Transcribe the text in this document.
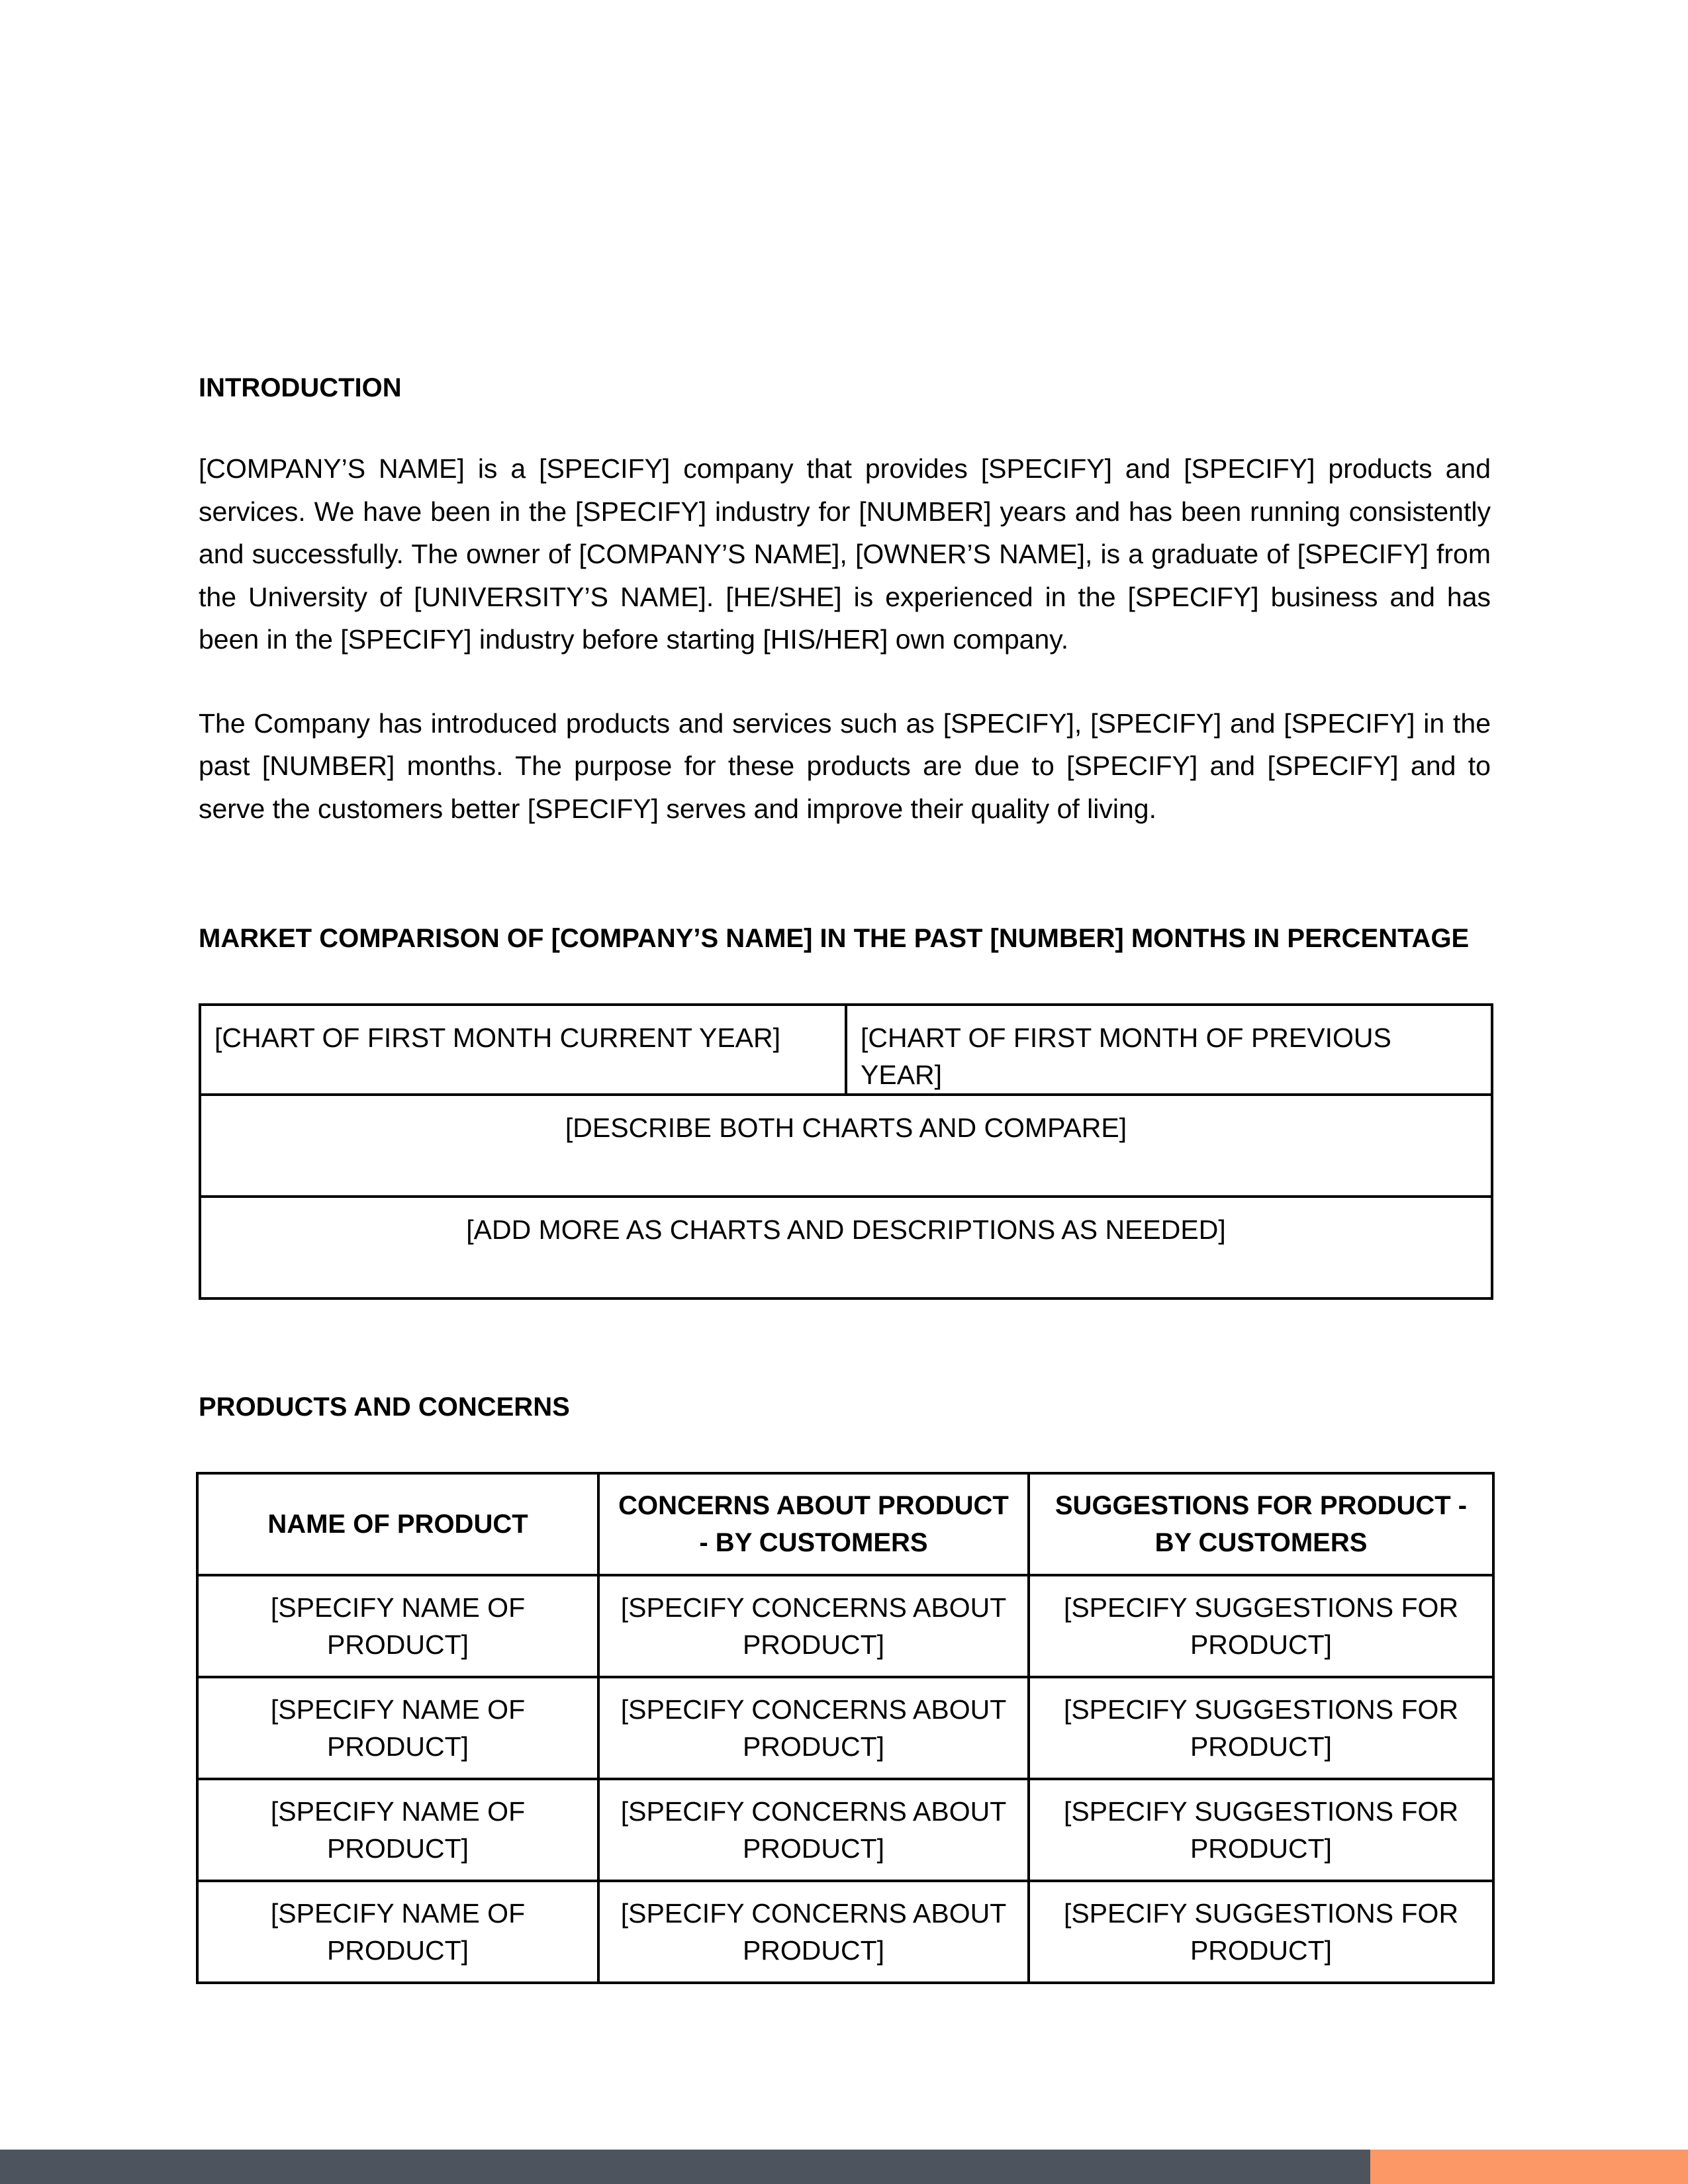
INTRODUCTION

[COMPANY’S NAME] is a [SPECIFY] company that provides [SPECIFY] and [SPECIFY] products and services. We have been in the [SPECIFY] industry for [NUMBER] years and has been running consistently and successfully. The owner of [COMPANY’S NAME], [OWNER’S NAME], is a graduate of [SPECIFY] from the University of [UNIVERSITY’S NAME]. [HE/SHE] is experienced in the [SPECIFY] business and has been in the [SPECIFY] industry before starting [HIS/HER] own company.

The Company has introduced products and services such as [SPECIFY], [SPECIFY] and [SPECIFY] in the past [NUMBER] months. The purpose for these products are due to [SPECIFY] and [SPECIFY] and to serve the customers better [SPECIFY] serves and improve their quality of living.

MARKET COMPARISON OF [COMPANY’S NAME] IN THE PAST [NUMBER] MONTHS IN PERCENTAGE
[CHART OF FIRST MONTH CURRENT YEAR]	[CHART OF FIRST MONTH OF PREVIOUS YEAR]
[DESCRIBE BOTH CHARTS AND COMPARE]
[ADD MORE AS CHARTS AND DESCRIPTIONS AS NEEDED]
PRODUCTS AND CONCERNS
NAME OF PRODUCT	CONCERNS ABOUT PRODUCT - BY CUSTOMERS	SUGGESTIONS FOR PRODUCT - BY CUSTOMERS
[SPECIFY NAME OF PRODUCT]	[SPECIFY CONCERNS ABOUT PRODUCT]	[SPECIFY SUGGESTIONS FOR PRODUCT]
[SPECIFY NAME OF PRODUCT]	[SPECIFY CONCERNS ABOUT PRODUCT]	[SPECIFY SUGGESTIONS FOR PRODUCT]
[SPECIFY NAME OF PRODUCT]	[SPECIFY CONCERNS ABOUT PRODUCT]	[SPECIFY SUGGESTIONS FOR PRODUCT]
[SPECIFY NAME OF PRODUCT]	[SPECIFY CONCERNS ABOUT PRODUCT]	[SPECIFY SUGGESTIONS FOR PRODUCT]
